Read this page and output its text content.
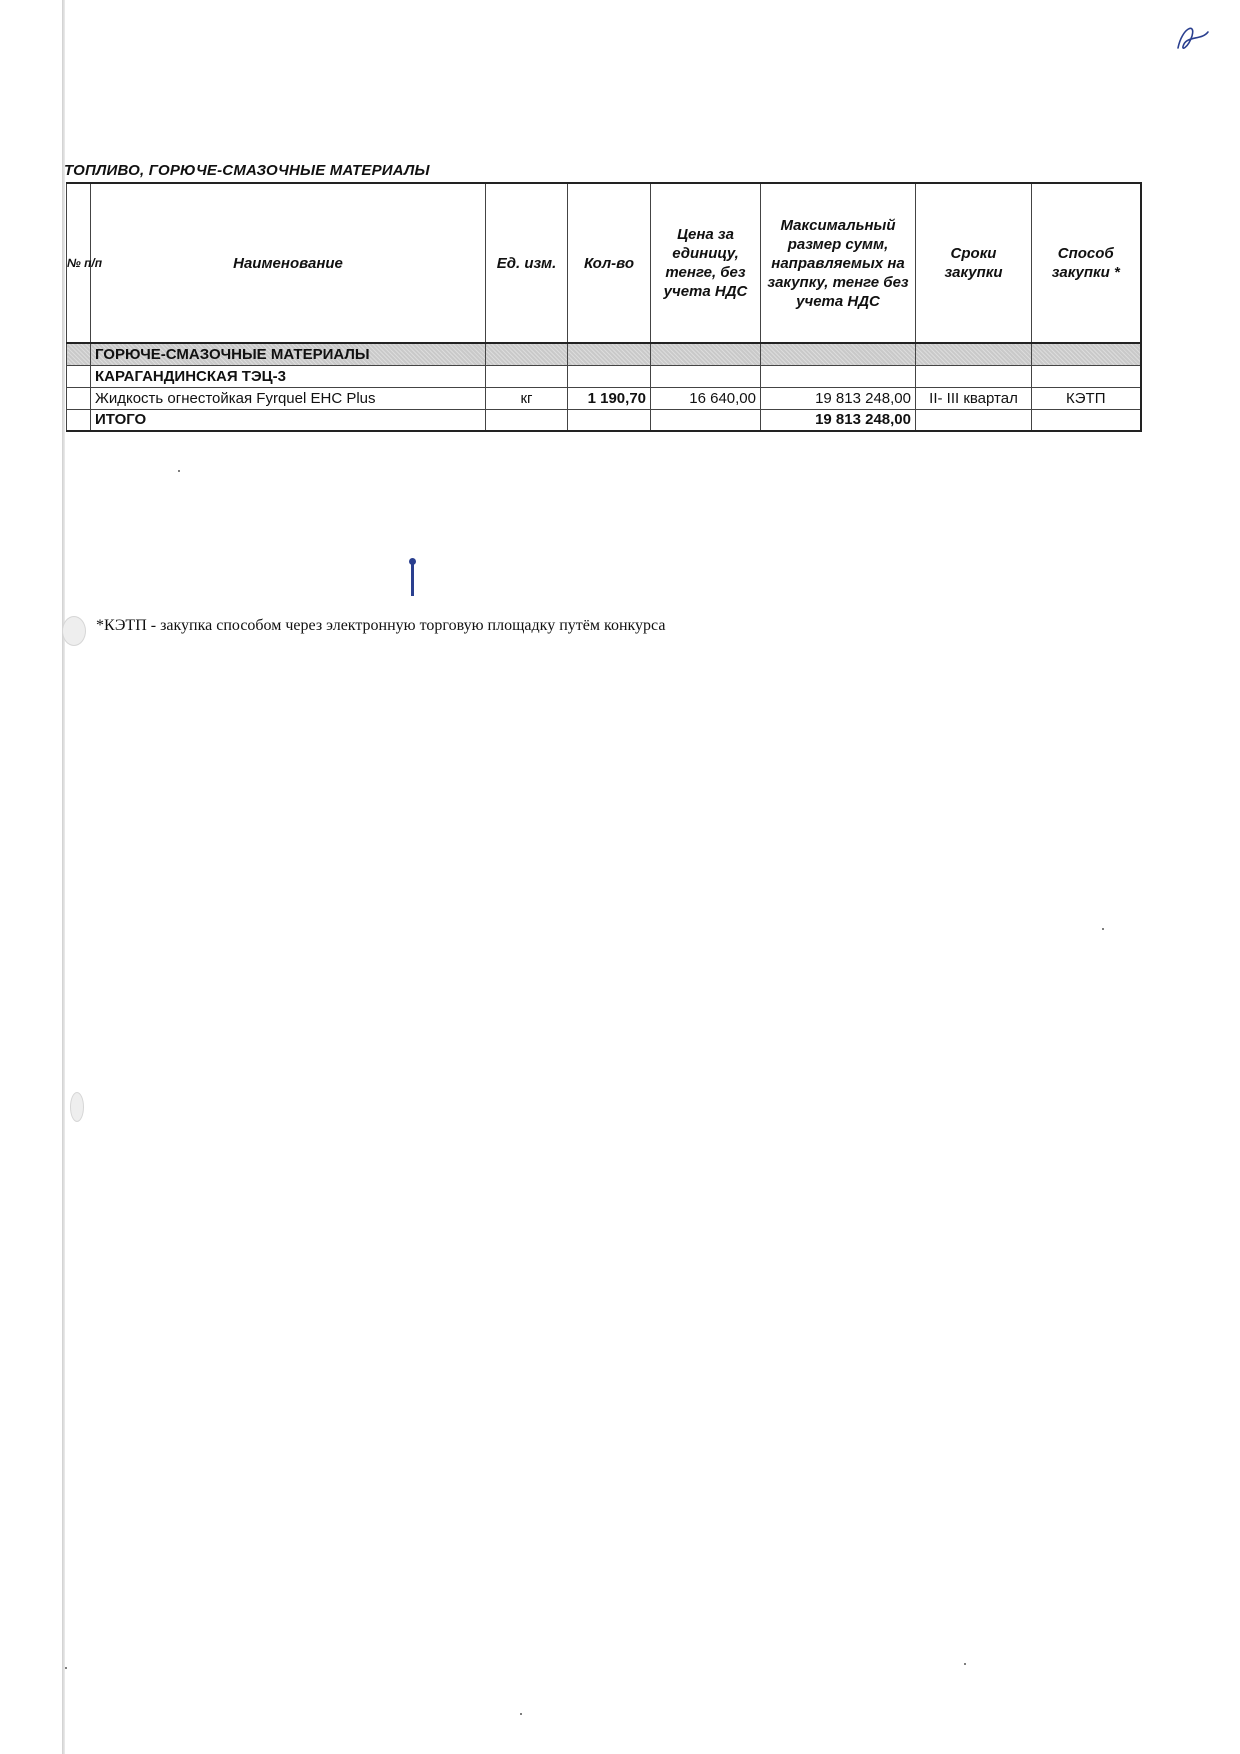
ТОПЛИВО, ГОРЮЧЕ-СМАЗОЧНЫЕ МАТЕРИАЛЫ
№ п/п	Наименование	Ед. изм.	Кол-во	Цена за единицу, тенге, без учета НДС	Максимальный размер сумм, направляемых на закупку, тенге без учета НДС	Сроки закупки	Способ закупки *
	ГОРЮЧЕ-СМАЗОЧНЫЕ МАТЕРИАЛЫ						
	КАРАГАНДИНСКАЯ ТЭЦ-3						
	Жидкость огнестойкая Fyrquel EHC Plus	кг	1 190,70	16 640,00	19 813 248,00	II- III квартал	КЭТП
	ИТОГО				19 813 248,00		
*КЭТП - закупка способом через электронную торговую площадку путём конкурса
